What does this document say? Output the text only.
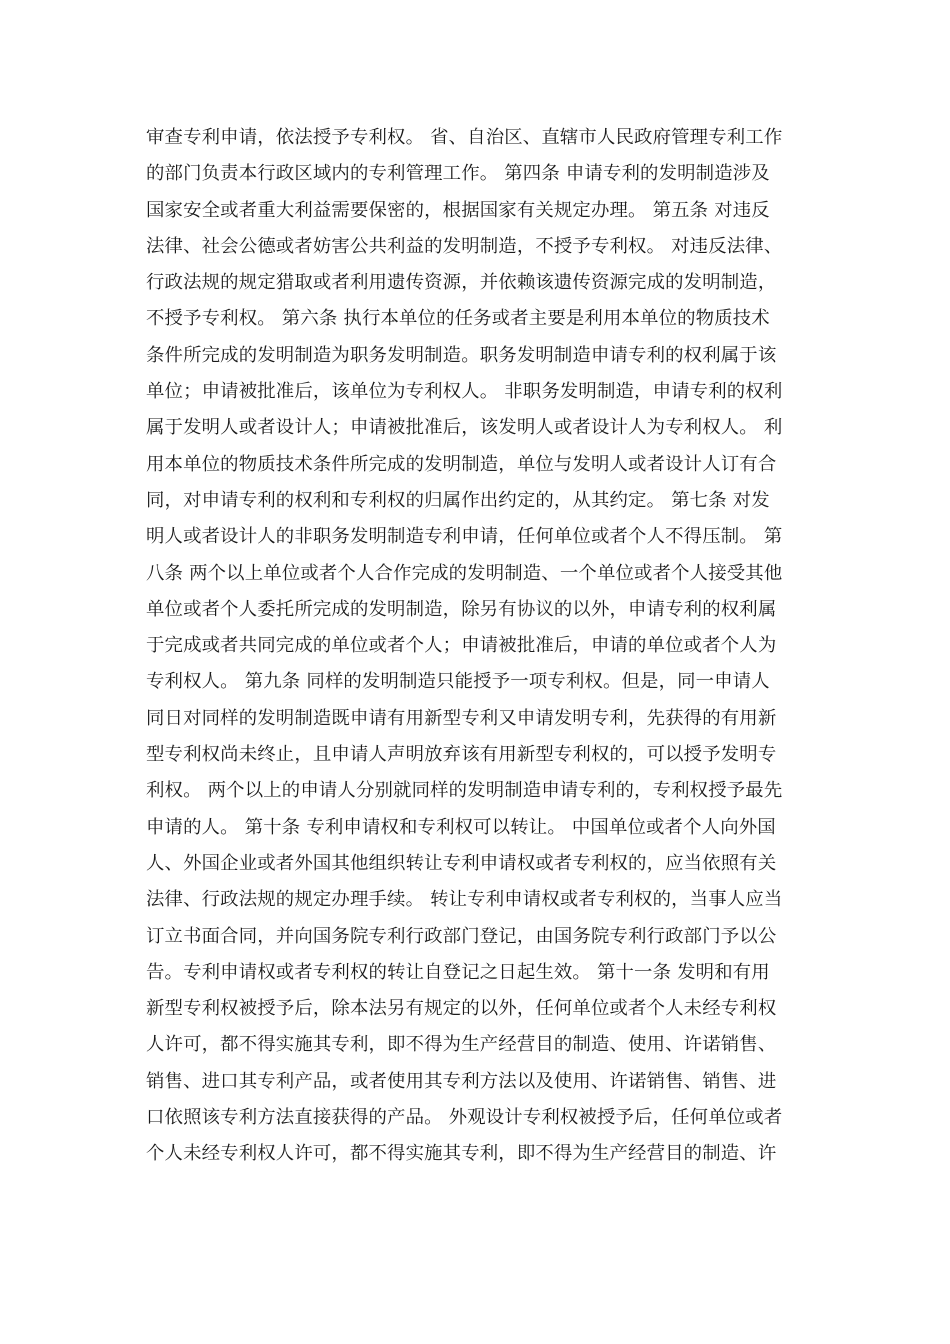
审查专利申请，依法授予专利权。 省、自治区、直辖市人民政府管理专利工作
的部门负责本行政区域内的专利管理工作。 第四条 申请专利的发明制造涉及
国家安全或者重大利益需要保密的，根据国家有关规定办理。 第五条 对违反
法律、社会公德或者妨害公共利益的发明制造，不授予专利权。 对违反法律、
行政法规的规定猎取或者利用遗传资源，并依赖该遗传资源完成的发明制造，
不授予专利权。 第六条 执行本单位的任务或者主要是利用本单位的物质技术
条件所完成的发明制造为职务发明制造。职务发明制造申请专利的权利属于该
单位；申请被批准后，该单位为专利权人。 非职务发明制造，申请专利的权利
属于发明人或者设计人；申请被批准后，该发明人或者设计人为专利权人。 利
用本单位的物质技术条件所完成的发明制造，单位与发明人或者设计人订有合
同，对申请专利的权利和专利权的归属作出约定的，从其约定。 第七条 对发
明人或者设计人的非职务发明制造专利申请，任何单位或者个人不得压制。 第
八条 两个以上单位或者个人合作完成的发明制造、一个单位或者个人接受其他
单位或者个人委托所完成的发明制造，除另有协议的以外，申请专利的权利属
于完成或者共同完成的单位或者个人；申请被批准后，申请的单位或者个人为
专利权人。 第九条 同样的发明制造只能授予一项专利权。但是，同一申请人
同日对同样的发明制造既申请有用新型专利又申请发明专利，先获得的有用新
型专利权尚未终止，且申请人声明放弃该有用新型专利权的，可以授予发明专
利权。 两个以上的申请人分别就同样的发明制造申请专利的，专利权授予最先
申请的人。 第十条 专利申请权和专利权可以转让。 中国单位或者个人向外国
人、外国企业或者外国其他组织转让专利申请权或者专利权的，应当依照有关
法律、行政法规的规定办理手续。 转让专利申请权或者专利权的，当事人应当
订立书面合同，并向国务院专利行政部门登记，由国务院专利行政部门予以公
告。专利申请权或者专利权的转让自登记之日起生效。 第十一条 发明和有用
新型专利权被授予后，除本法另有规定的以外，任何单位或者个人未经专利权
人许可，都不得实施其专利，即不得为生产经营目的制造、使用、许诺销售、
销售、进口其专利产品，或者使用其专利方法以及使用、许诺销售、销售、进
口依照该专利方法直接获得的产品。 外观设计专利权被授予后，任何单位或者
个人未经专利权人许可，都不得实施其专利，即不得为生产经营目的制造、许
